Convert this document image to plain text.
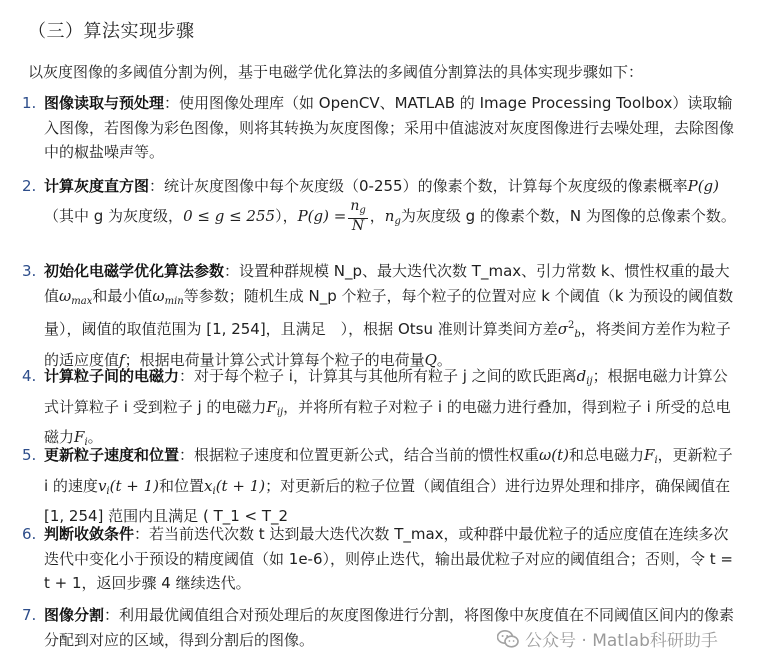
（三）算法实现步骤
以灰度图像的多阈值分割为例，基于电磁学优化算法的多阈值分割算法的具体实现步骤如下：
1. 图像读取与预处理：使用图像处理库（如 OpenCV、MATLAB 的 Image Processing Toolbox）读取输入图像，若图像为彩色图像，则将其转换为灰度图像；采用中值滤波对灰度图像进行去噪处理，去除图像中的椒盐噪声等。
2. 计算灰度直方图：统计灰度图像中每个灰度级（0-255）的像素个数，计算每个灰度级的像素概率P(g)（其中 g 为灰度级，0 ≤ g ≤ 255），$P(g) = \frac{n_g}{N}$ ，$n_g$为灰度级 g 的像素个数，N 为图像的总像素个数。
3. 初始化电磁学优化算法参数：设置种群规模 N_p、最大迭代次数 T_max、引力常数 k、惯性权重的最大值$\omega_{max}$和最小值$\omega_{min}$等参数；随机生成 N_p 个粒子，每个粒子的位置对应 k 个阈值（k 为预设的阈值数量），阈值的取值范围为 [1, 254]，且满足　），根据 Otsu 准则计算类间方差$\sigma^2_b$，将类间方差作为粒子的适应度值f；根据电荷量计算公式计算每个粒子的电荷量Q。
4. 计算粒子间的电磁力：对于每个粒子 i，计算其与其他所有粒子 j 之间的欧氏距离$d_{ij}$；根据电磁力计算公式计算粒子 i 受到粒子 j 的电磁力$F_{ij}$，并将所有粒子对粒子 i 的电磁力进行叠加，得到粒子 i 所受的总电磁力$F_i$。
5. 更新粒子速度和位置：根据粒子速度和位置更新公式，结合当前的惯性权重ω(t)和总电磁力$F_i$，更新粒子 i 的速度$v_i(t + 1)$和位置$x_i(t + 1)$；对更新后的粒子位置（阈值组合）进行边界处理和排序，确保阈值在 [1, 254] 范围内且满足 ( T_1 < T_2
6. 判断收敛条件：若当前迭代次数 t 达到最大迭代次数 T_max，或种群中最优粒子的适应度值在连续多次迭代中变化小于预设的精度阈值（如 1e-6），则停止迭代，输出最优粒子对应的阈值组合；否则，令 t = t + 1，返回步骤 4 继续迭代。
7. 图像分割：利用最优阈值组合对预处理后的灰度图像进行分割，将图像中灰度值在不同阈值区间内的像素分配到对应的区域，得到分割后的图像。	公众号 · Matlab科研助手
